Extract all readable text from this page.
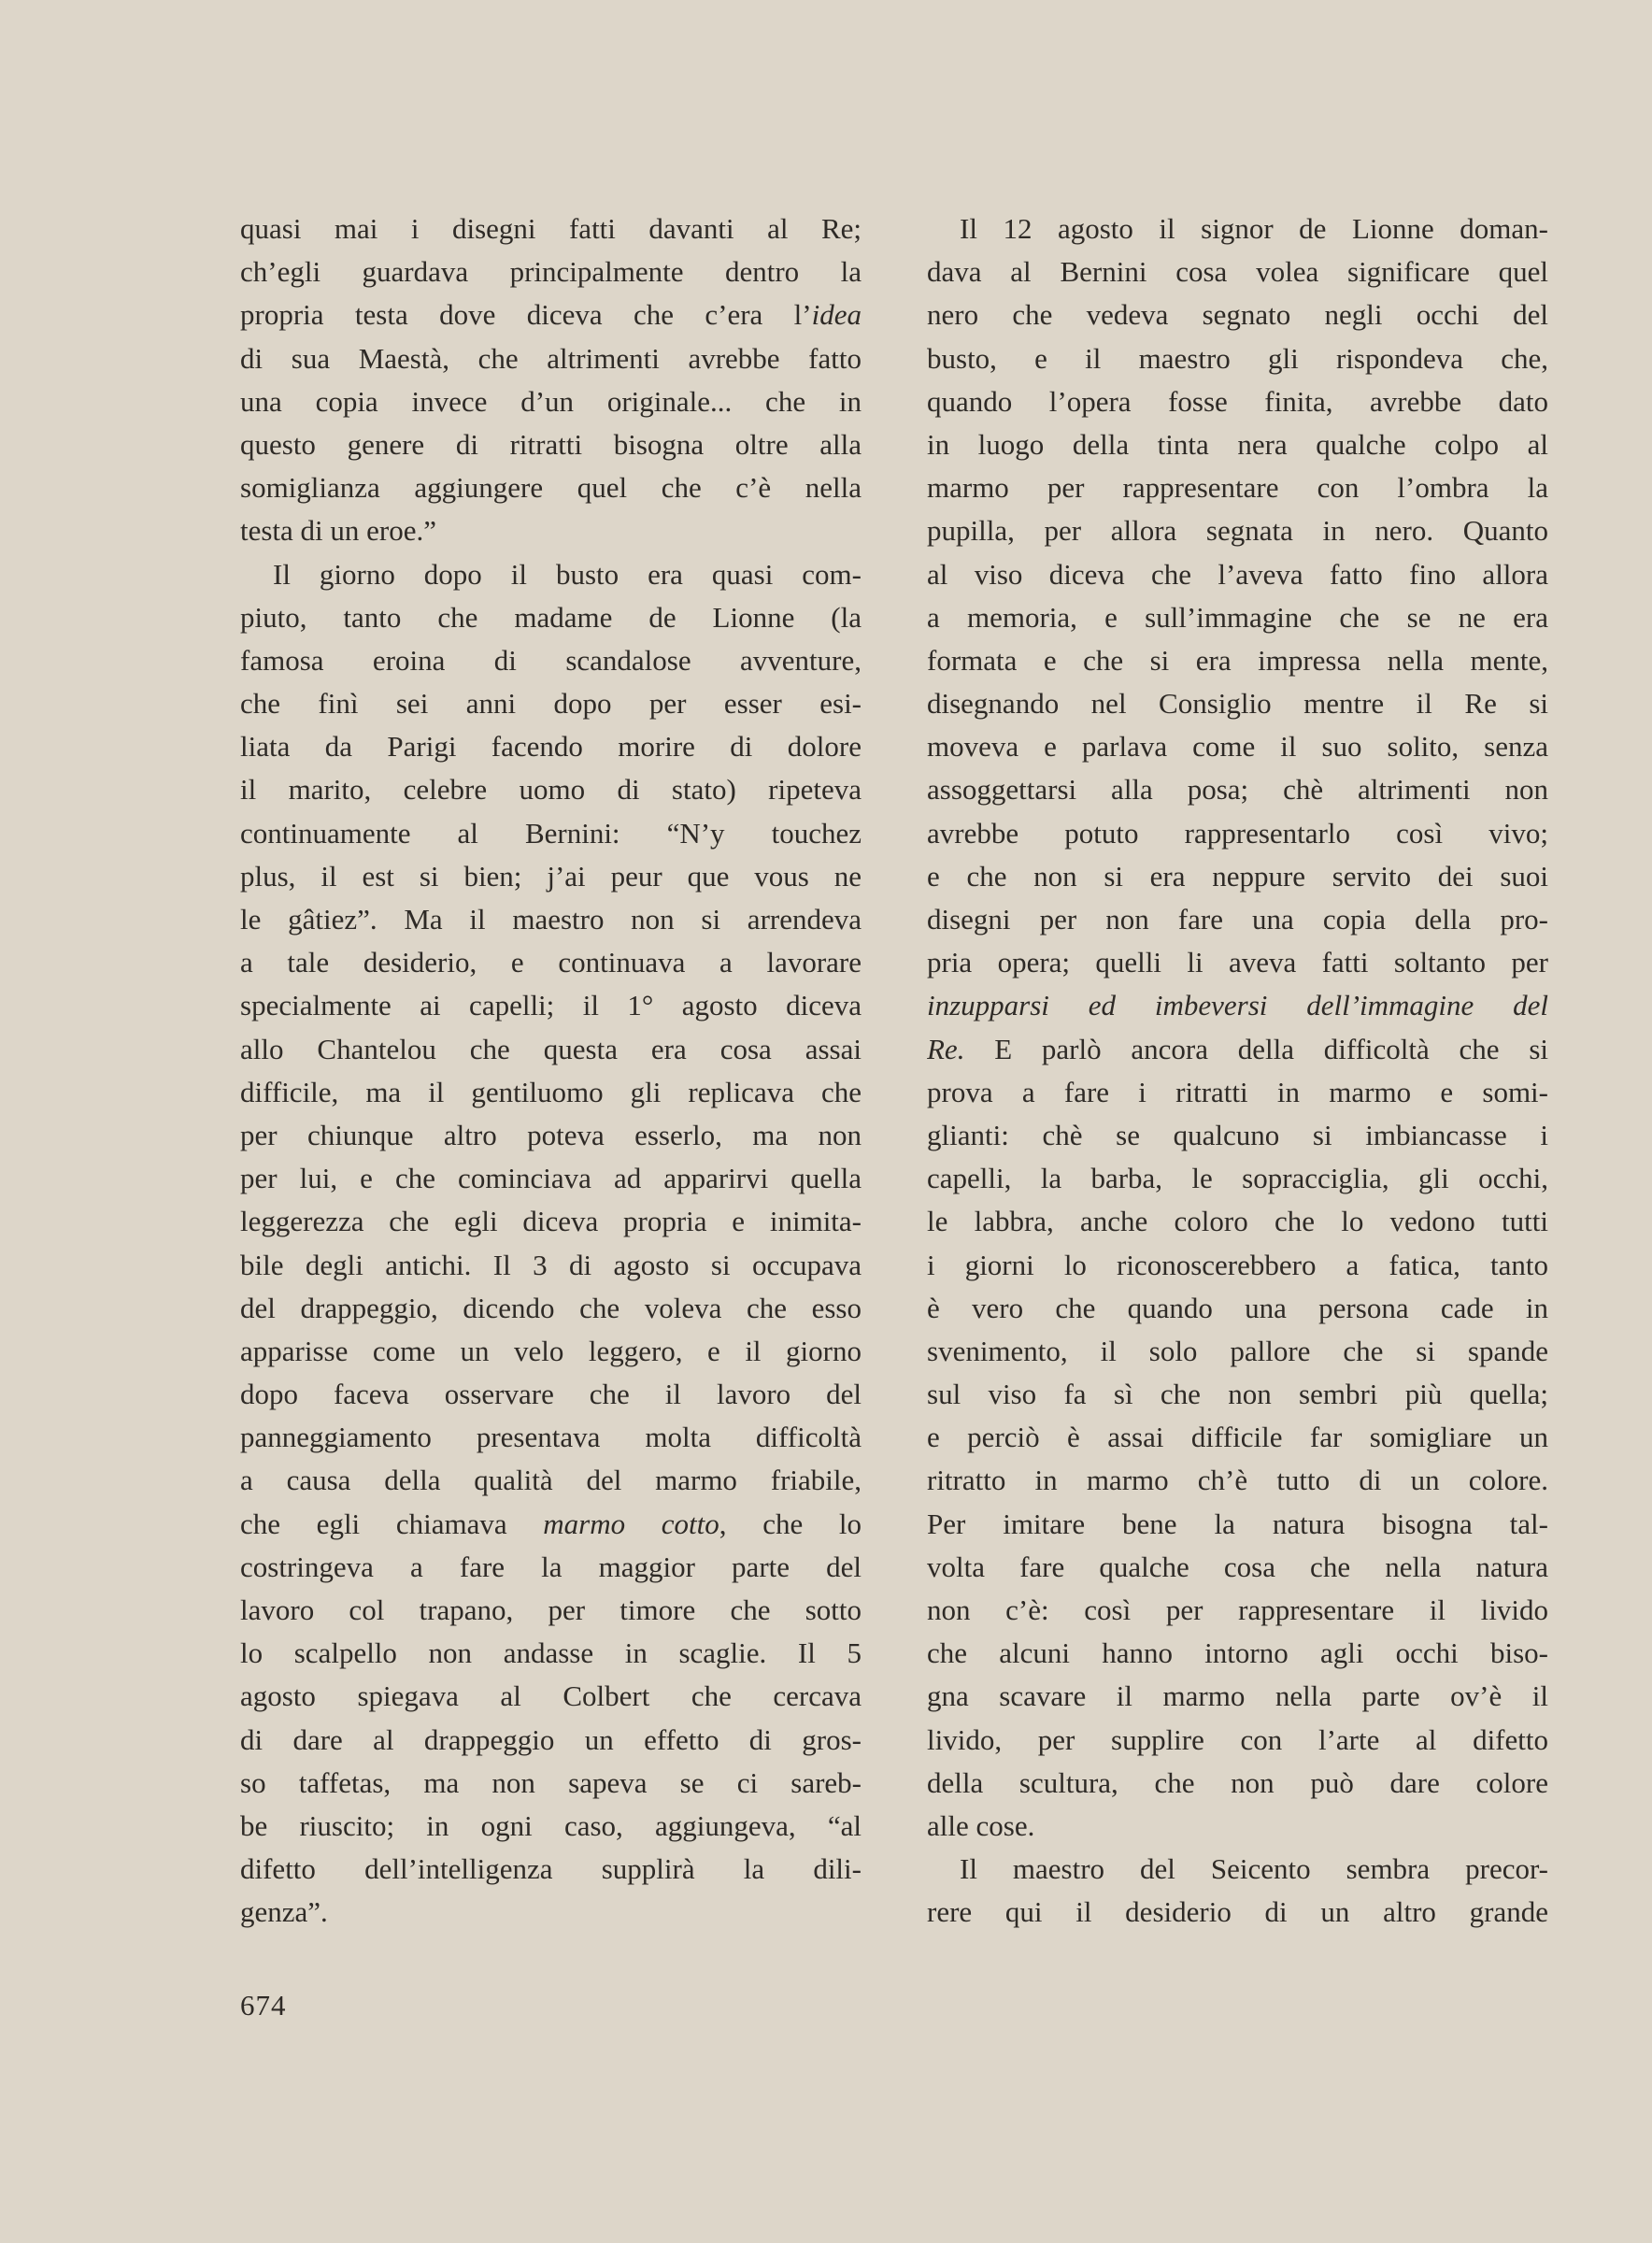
quasi mai i disegni fatti davanti al Re;
ch’egli guardava principalmente dentro la
propria testa dove diceva che c’era l’idea
di sua Maestà, che altrimenti avrebbe fatto
una copia invece d’un originale... che in
questo genere di ritratti bisogna oltre alla
somiglianza aggiungere quel che c’è nella
testa di un eroe.”
Il giorno dopo il busto era quasi com-
piuto, tanto che madame de Lionne (la
famosa eroina di scandalose avventure,
che finì sei anni dopo per esser esi-
liata da Parigi facendo morire di dolore
il marito, celebre uomo di stato) ripeteva
continuamente al Bernini: “N’y touchez
plus, il est si bien; j’ai peur que vous ne
le gâtiez”. Ma il maestro non si arrendeva
a tale desiderio, e continuava a lavorare
specialmente ai capelli; il 1° agosto diceva
allo Chantelou che questa era cosa assai
difficile, ma il gentiluomo gli replicava che
per chiunque altro poteva esserlo, ma non
per lui, e che cominciava ad apparirvi quella
leggerezza che egli diceva propria e inimita-
bile degli antichi. Il 3 di agosto si occupava
del drappeggio, dicendo che voleva che esso
apparisse come un velo leggero, e il giorno
dopo faceva osservare che il lavoro del
panneggiamento presentava molta difficoltà
a causa della qualità del marmo friabile,
che egli chiamava marmo cotto, che lo
costringeva a fare la maggior parte del
lavoro col trapano, per timore che sotto
lo scalpello non andasse in scaglie. Il 5
agosto spiegava al Colbert che cercava
di dare al drappeggio un effetto di gros-
so taffetas, ma non sapeva se ci sareb-
be riuscito; in ogni caso, aggiungeva, “al
difetto dell’intelligenza supplirà la dili-
genza”.
Il 12 agosto il signor de Lionne doman-
dava al Bernini cosa volea significare quel
nero che vedeva segnato negli occhi del
busto, e il maestro gli rispondeva che,
quando l’opera fosse finita, avrebbe dato
in luogo della tinta nera qualche colpo al
marmo per rappresentare con l’ombra la
pupilla, per allora segnata in nero. Quanto
al viso diceva che l’aveva fatto fino allora
a memoria, e sull’immagine che se ne era
formata e che si era impressa nella mente,
disegnando nel Consiglio mentre il Re si
moveva e parlava come il suo solito, senza
assoggettarsi alla posa; chè altrimenti non
avrebbe potuto rappresentarlo così vivo;
e che non si era neppure servito dei suoi
disegni per non fare una copia della pro-
pria opera; quelli li aveva fatti soltanto per
inzupparsi ed imbeversi dell’immagine del
Re. E parlò ancora della difficoltà che si
prova a fare i ritratti in marmo e somi-
glianti: chè se qualcuno si imbiancasse i
capelli, la barba, le sopracciglia, gli occhi,
le labbra, anche coloro che lo vedono tutti
i giorni lo riconoscerebbero a fatica, tanto
è vero che quando una persona cade in
svenimento, il solo pallore che si spande
sul viso fa sì che non sembri più quella;
e perciò è assai difficile far somigliare un
ritratto in marmo ch’è tutto di un colore.
Per imitare bene la natura bisogna tal-
volta fare qualche cosa che nella natura
non c’è: così per rappresentare il livido
che alcuni hanno intorno agli occhi biso-
gna scavare il marmo nella parte ov’è il
livido, per supplire con l’arte al difetto
della scultura, che non può dare colore
alle cose.
Il maestro del Seicento sembra precor-
rere qui il desiderio di un altro grande
674
